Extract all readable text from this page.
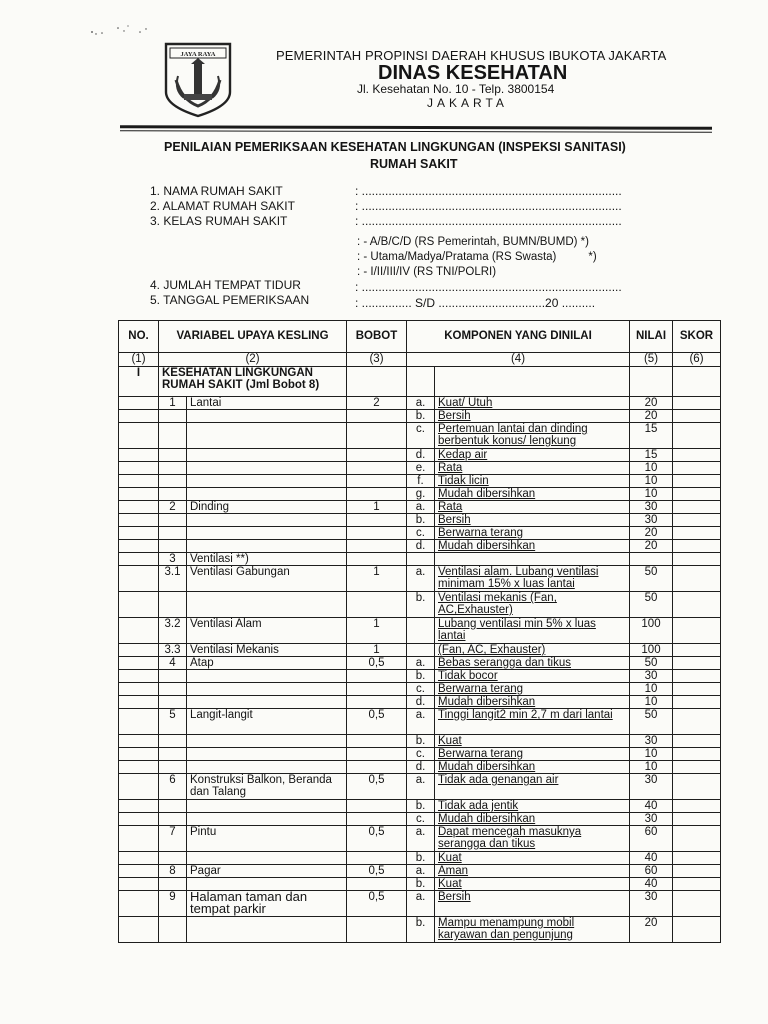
JAYA RAYA	PEMERINTAH PROPINSI DAERAH KHUSUS IBUKOTA JAKARTA
DINAS KESEHATAN
Jl. Kesehatan No. 10 - Telp. 3800154
JAKARTA
PENILAIAN PEMERIKSAAN KESEHATAN LINGKUNGAN (INSPEKSI SANITASI)
RUMAH SAKIT
1. NAMA RUMAH SAKIT	: ..............................................................................
2. ALAMAT RUMAH SAKIT	: ..............................................................................
3. KELAS RUMAH SAKIT	: ..............................................................................
: - A/B/C/D (RS Pemerintah, BUMN/BUMD) *)
: - Utama/Madya/Pratama (RS Swasta)          *)
: - I/II/III/IV (RS TNI/POLRI)
4. JUMLAH TEMPAT TIDUR	: ..............................................................................
5. TANGGAL PEMERIKSAAN	: ............... S/D ................................20 ..........
NO.	VARIABEL UPAYA KESLING		BOBOT	KOMPONEN YANG DINILAI		NILAI	SKOR
(1)	(2)		(3)	(4)		(5)	(6)
I	KESEHATAN LINGKUNGAN RUMAH SAKIT (Jml Bobot 8)						
	1	Lantai	2	a.	Kuat/ Utuh	20	
				b.	Bersih	20	
				c.	Pertemuan lantai dan dinding berbentuk konus/ lengkung	15	
				d.	Kedap air	15	
				e.	Rata	10	
				f.	Tidak licin	10	
				g.	Mudah dibersihkan	10	
	2	Dinding	1	a.	Rata	30	
				b.	Bersih	30	
				c.	Berwarna terang	20	
				d.	Mudah dibersihkan	20	
	3	Ventilasi **)					
	3.1	Ventilasi Gabungan	1	a.	Ventilasi alam. Lubang ventilasi minimam 15% x luas lantai	50	
				b.	Ventilasi mekanis (Fan, AC,Exhauster)	50	
	3.2	Ventilasi Alam	1		Lubang ventilasi min 5% x luas lantai	100	
	3.3	Ventilasi Mekanis	1		(Fan, AC, Exhauster)	100	
	4	Atap	0,5	a.	Bebas serangga dan tikus	50	
				b.	Tidak bocor	30	
				c.	Berwarna terang	10	
				d.	Mudah dibersihkan	10	
	5	Langit-langit	0,5	a.	Tinggi langit2 min 2,7 m dari lantai	50	
				b.	Kuat	30	
				c.	Berwarna terang	10	
				d.	Mudah dibersihkan	10	
	6	Konstruksi Balkon, Beranda dan Talang	0,5	a.	Tidak ada genangan air	30	
				b.	Tidak ada jentik	40	
				c.	Mudah dibersihkan	30	
	7	Pintu	0,5	a.	Dapat mencegah masuknya serangga dan tikus	60	
				b.	Kuat	40	
	8	Pagar	0,5	a.	Aman	60	
				b.	Kuat	40	
	9	Halaman taman dan tempat parkir	0,5	a.	Bersih	30	
				b.	Mampu menampung mobil karyawan dan pengunjung	20	
